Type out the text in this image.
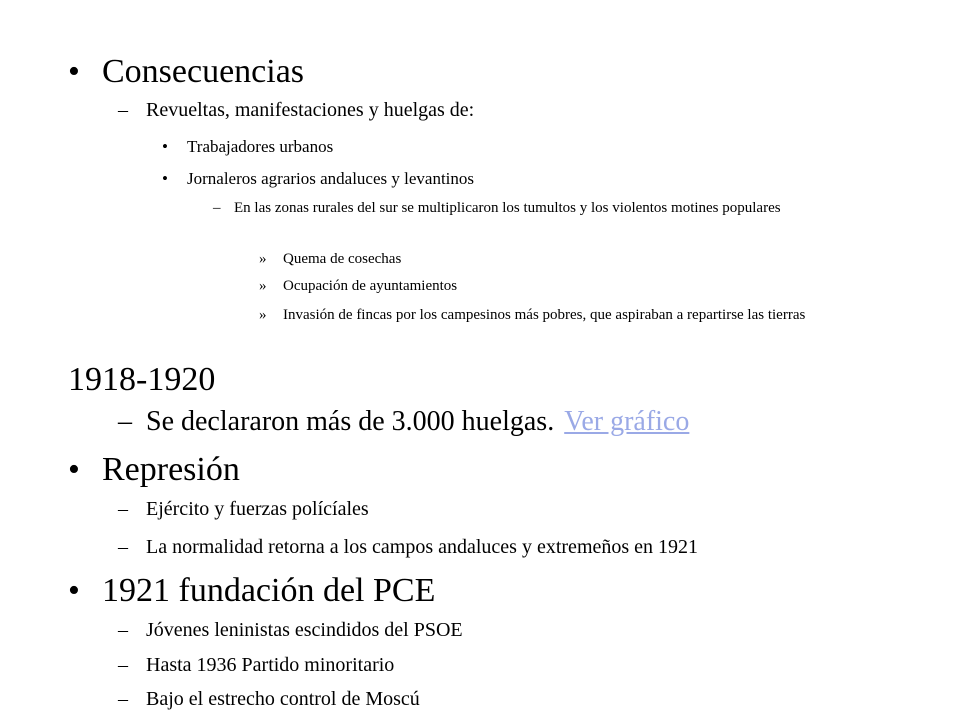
• Consecuencias
– Revueltas, manifestaciones y huelgas de:
• Trabajadores urbanos
• Jornaleros agrarios andaluces y levantinos
– En las zonas rurales del sur se multiplicaron los tumultos y los violentos motines populares
» Quema de cosechas
» Ocupación de ayuntamientos
» Invasión de fincas por los campesinos más pobres, que aspiraban a repartirse las tierras
1918-1920
– Se declararon más de 3.000 huelgas. Ver gráfico
• Represión
– Ejército y fuerzas polícíales
– La normalidad retorna a los campos andaluces y extremeños en 1921
• 1921 fundación del PCE
– Jóvenes leninistas escindidos del PSOE
– Hasta 1936 Partido minoritario
– Bajo el estrecho control de Moscú
